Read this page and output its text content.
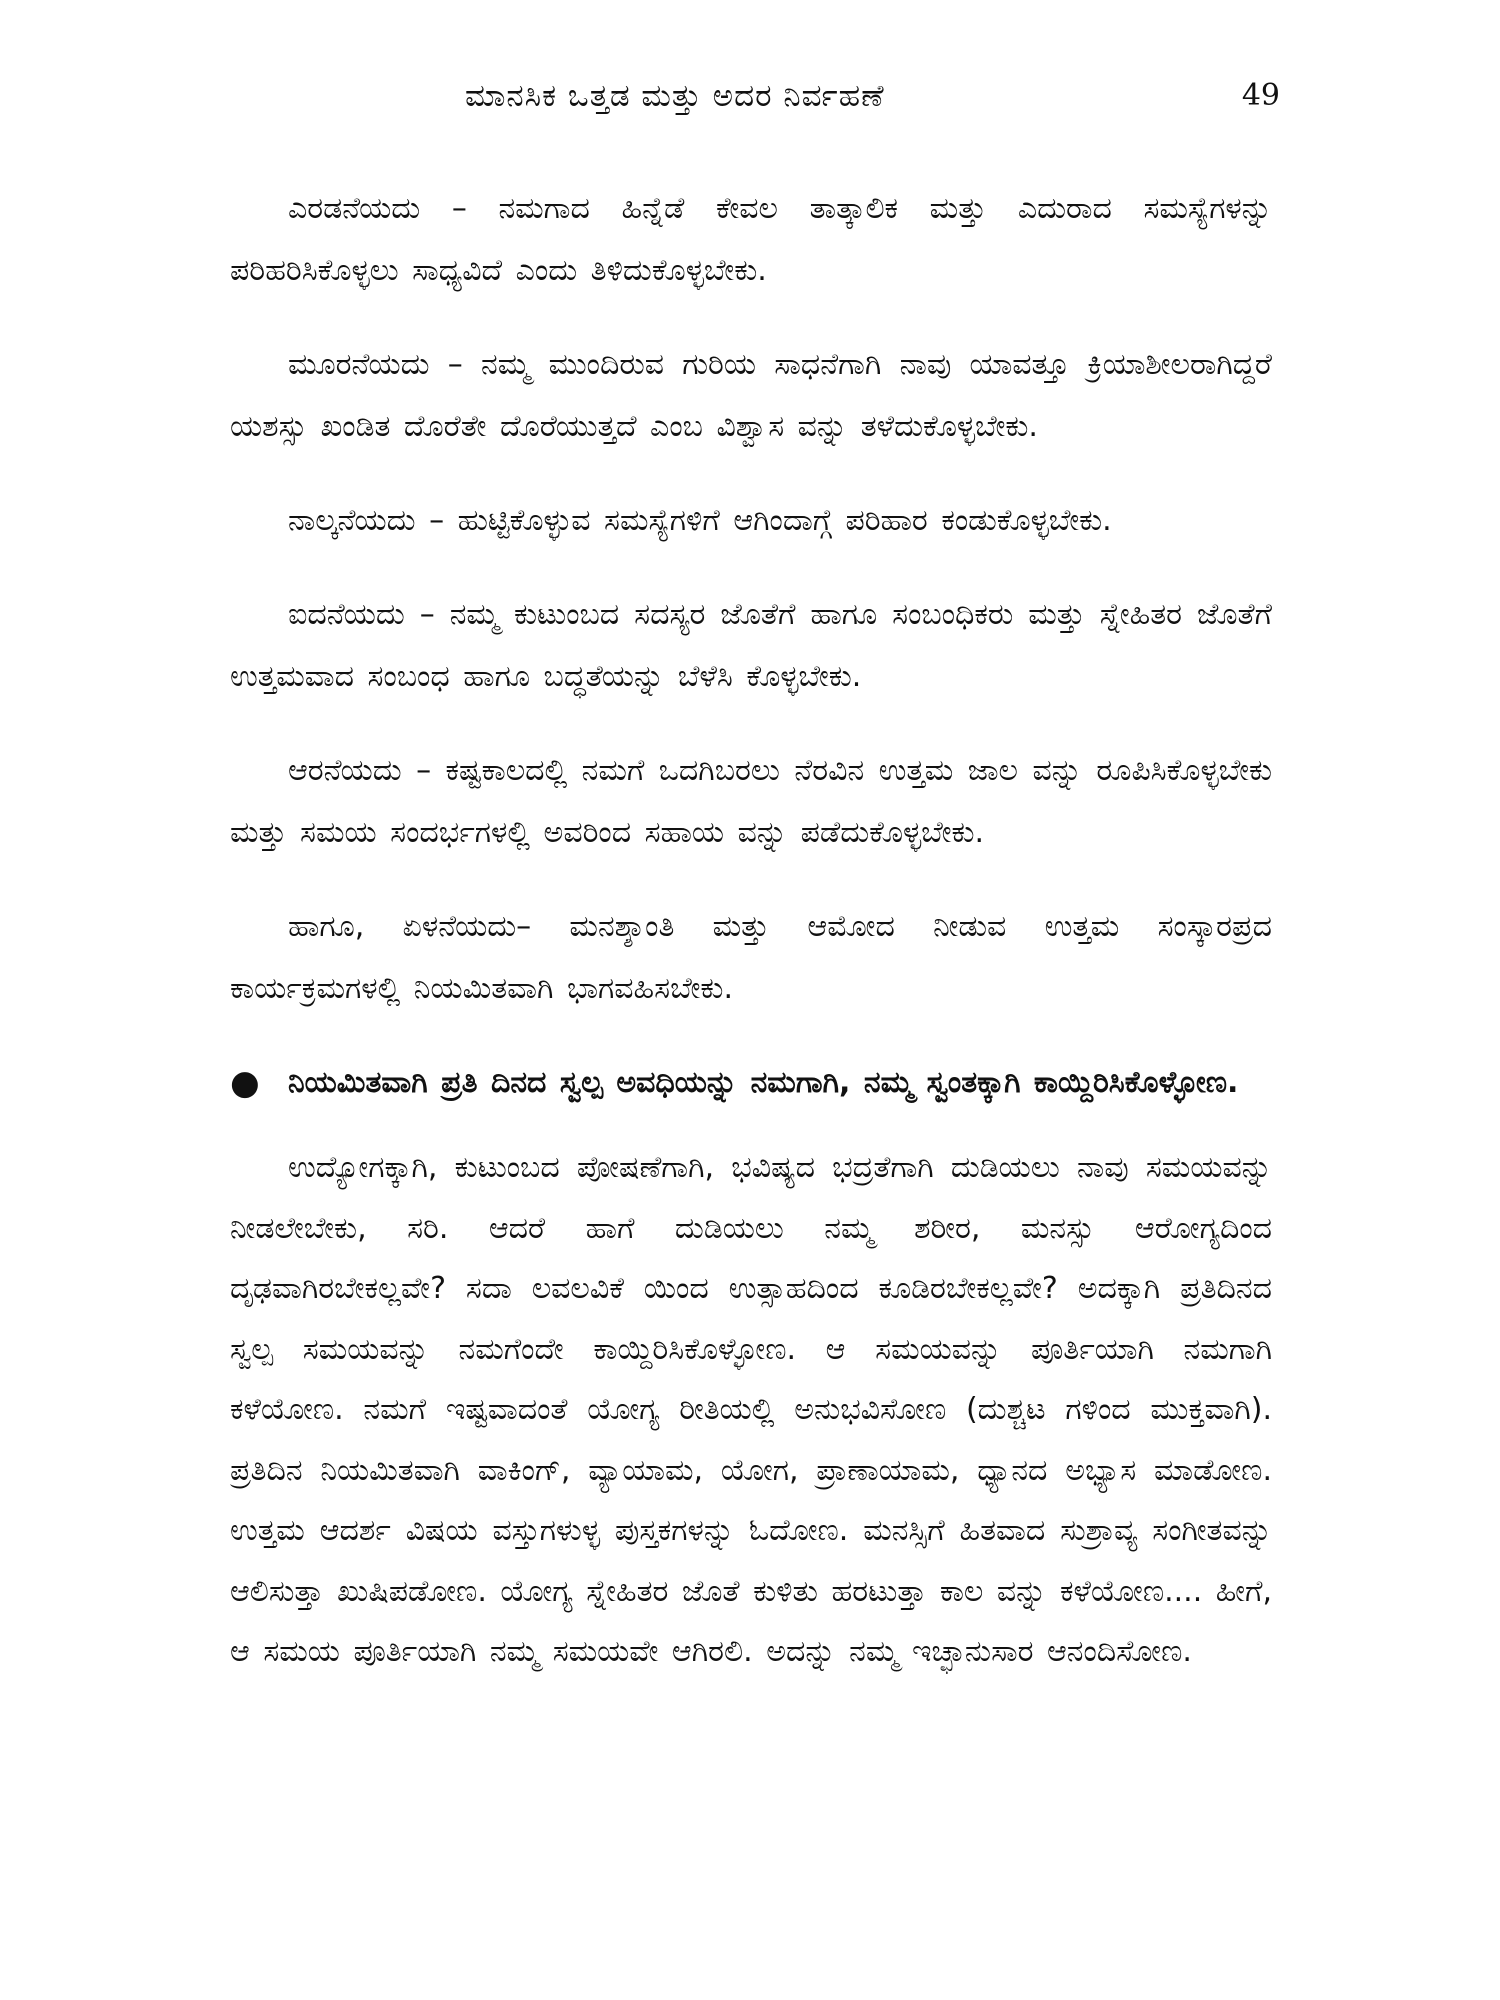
ಮಾನಸಿಕ ಒತ್ತಡ ಮತ್ತು ಅದರ ನಿರ್ವಹಣೆ	49

ಎರಡನೆಯದು – ನಮಗಾದ ಹಿನ್ನೆಡೆ ಕೇವಲ ತಾತ್ಕಾಲಿಕ ಮತ್ತು ಎದುರಾದ ಸಮಸ್ಯೆಗಳನ್ನು ಪರಿಹರಿಸಿಕೊಳ್ಳಲು ಸಾಧ್ಯವಿದೆ ಎಂದು ತಿಳಿದುಕೊಳ್ಳಬೇಕು.

ಮೂರನೆಯದು – ನಮ್ಮ ಮುಂದಿರುವ ಗುರಿಯ ಸಾಧನೆಗಾಗಿ ನಾವು ಯಾವತ್ತೂ ಕ್ರಿಯಾಶೀಲರಾಗಿದ್ದರೆ ಯಶಸ್ಸು ಖಂಡಿತ ದೊರೆತೇ ದೊರೆಯುತ್ತದೆ ಎಂಬ ವಿಶ್ವಾಸ ವನ್ನು ತಳೆದುಕೊಳ್ಳಬೇಕು.

ನಾಲ್ಕನೆಯದು – ಹುಟ್ಟಿಕೊಳ್ಳುವ ಸಮಸ್ಯೆಗಳಿಗೆ ಆಗಿಂದಾಗ್ಗೆ ಪರಿಹಾರ ಕಂಡುಕೊಳ್ಳಬೇಕು.

ಐದನೆಯದು – ನಮ್ಮ ಕುಟುಂಬದ ಸದಸ್ಯರ ಜೊತೆಗೆ ಹಾಗೂ ಸಂಬಂಧಿಕರು ಮತ್ತು ಸ್ನೇಹಿತರ ಜೊತೆಗೆ ಉತ್ತಮವಾದ ಸಂಬಂಧ ಹಾಗೂ ಬದ್ಧತೆಯನ್ನು ಬೆಳೆಸಿ ಕೊಳ್ಳಬೇಕು.

ಆರನೆಯದು – ಕಷ್ಟಕಾಲದಲ್ಲಿ ನಮಗೆ ಒದಗಿಬರಲು ನೆರವಿನ ಉತ್ತಮ ಜಾಲ ವನ್ನು ರೂಪಿಸಿಕೊಳ್ಳಬೇಕು ಮತ್ತು ಸಮಯ ಸಂದರ್ಭಗಳಲ್ಲಿ ಅವರಿಂದ ಸಹಾಯ ವನ್ನು ಪಡೆದುಕೊಳ್ಳಬೇಕು.

ಹಾಗೂ, ಏಳನೆಯದು– ಮನಶ್ಶಾಂತಿ ಮತ್ತು ಆಮೋದ ನೀಡುವ ಉತ್ತಮ ಸಂಸ್ಕಾರಪ್ರದ ಕಾರ್ಯಕ್ರಮಗಳಲ್ಲಿ ನಿಯಮಿತವಾಗಿ ಭಾಗವಹಿಸಬೇಕು.

● ನಿಯಮಿತವಾಗಿ ಪ್ರತಿ ದಿನದ ಸ್ವಲ್ಪ ಅವಧಿಯನ್ನು ನಮಗಾಗಿ, ನಮ್ಮ ಸ್ವಂತಕ್ಕಾಗಿ ಕಾಯ್ದಿರಿಸಿಕೊಳ್ಳೋಣ.

ಉದ್ಯೋಗಕ್ಕಾಗಿ, ಕುಟುಂಬದ ಪೋಷಣೆಗಾಗಿ, ಭವಿಷ್ಯದ ಭದ್ರತೆಗಾಗಿ ದುಡಿಯಲು ನಾವು ಸಮಯವನ್ನು ನೀಡಲೇಬೇಕು, ಸರಿ. ಆದರೆ ಹಾಗೆ ದುಡಿಯಲು ನಮ್ಮ ಶರೀರ, ಮನಸ್ಸು ಆರೋಗ್ಯದಿಂದ ದೃಢವಾಗಿರಬೇಕಲ್ಲವೇ? ಸದಾ ಲವಲವಿಕೆ ಯಿಂದ ಉತ್ಸಾಹದಿಂದ ಕೂಡಿರಬೇಕಲ್ಲವೇ? ಅದಕ್ಕಾಗಿ ಪ್ರತಿದಿನದ ಸ್ವಲ್ಪ ಸಮಯವನ್ನು ನಮಗೆಂದೇ ಕಾಯ್ದಿರಿಸಿಕೊಳ್ಳೋಣ. ಆ ಸಮಯವನ್ನು ಪೂರ್ತಿಯಾಗಿ ನಮಗಾಗಿ ಕಳೆಯೋಣ. ನಮಗೆ ಇಷ್ಟವಾದಂತೆ ಯೋಗ್ಯ ರೀತಿಯಲ್ಲಿ ಅನುಭವಿಸೋಣ (ದುಶ್ಚಟ ಗಳಿಂದ ಮುಕ್ತವಾಗಿ). ಪ್ರತಿದಿನ ನಿಯಮಿತವಾಗಿ ವಾಕಿಂಗ್, ವ್ಯಾಯಾಮ, ಯೋಗ, ಪ್ರಾಣಾಯಾಮ, ಧ್ಯಾನದ ಅಭ್ಯಾಸ ಮಾಡೋಣ. ಉತ್ತಮ ಆದರ್ಶ ವಿಷಯ ವಸ್ತುಗಳುಳ್ಳ ಪುಸ್ತಕಗಳನ್ನು ಓದೋಣ. ಮನಸ್ಸಿಗೆ ಹಿತವಾದ ಸುಶ್ರಾವ್ಯ ಸಂಗೀತವನ್ನು ಆಲಿಸುತ್ತಾ ಖುಷಿಪಡೋಣ. ಯೋಗ್ಯ ಸ್ನೇಹಿತರ ಜೊತೆ ಕುಳಿತು ಹರಟುತ್ತಾ ಕಾಲ ವನ್ನು ಕಳೆಯೋಣ.... ಹೀಗೆ, ಆ ಸಮಯ ಪೂರ್ತಿಯಾಗಿ ನಮ್ಮ ಸಮಯವೇ ಆಗಿರಲಿ. ಅದನ್ನು ನಮ್ಮ ಇಚ್ಛಾನುಸಾರ ಆನಂದಿಸೋಣ.
